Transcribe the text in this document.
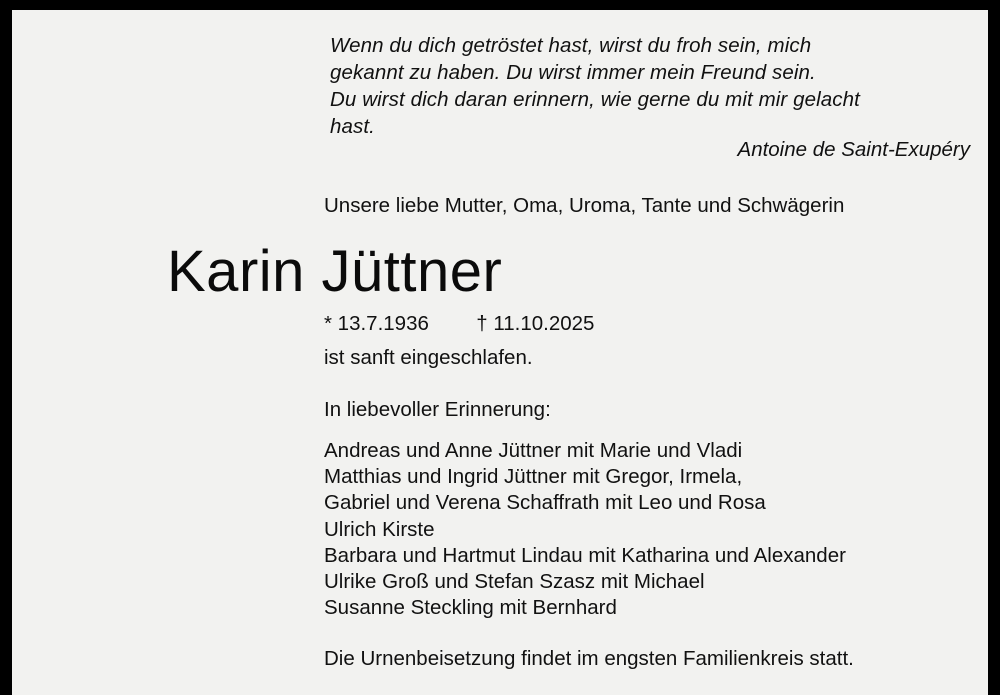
Wenn du dich getröstet hast, wirst du froh sein, mich
gekannt zu haben. Du wirst immer mein Freund sein.
Du wirst dich daran erinnern, wie gerne du mit mir gelacht
hast.
Antoine de Saint-Exupéry
Unsere liebe Mutter, Oma, Uroma, Tante und Schwägerin
Karin Jüttner
* 13.7.1936 † 11.10.2025
ist sanft eingeschlafen.
In liebevoller Erinnerung:
Andreas und Anne Jüttner mit Marie und Vladi
Matthias und Ingrid Jüttner mit Gregor, Irmela,
Gabriel und Verena Schaffrath mit Leo und Rosa
Ulrich Kirste
Barbara und Hartmut Lindau mit Katharina und Alexander
Ulrike Groß und Stefan Szasz mit Michael
Susanne Steckling mit Bernhard
Die Urnenbeisetzung findet im engsten Familienkreis statt.
